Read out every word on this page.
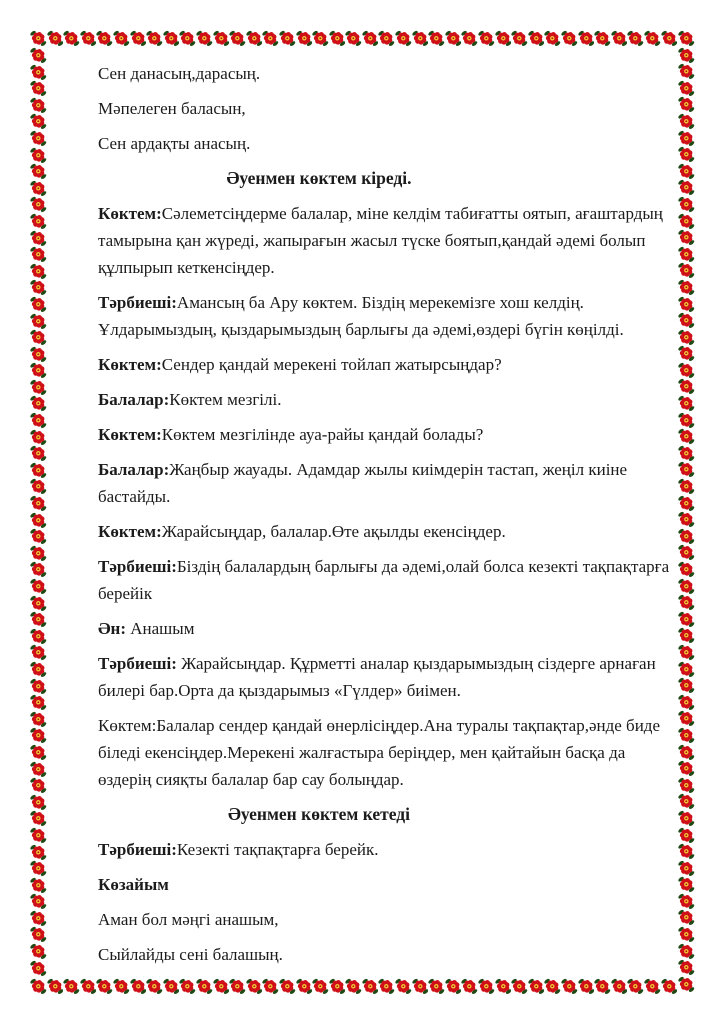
Сен данасың,дарасың.

Мәпелеген баласын,

Сен ардақты анасың.

Әуенмен көктем кіреді.

Көктем:Сәлеметсіңдерме балалар, міне келдім табиғатты оятып, ағаштардың тамырына қан жүреді, жапырағын жасыл түске боятып,қандай әдемі болып құлпырып кеткенсіңдер.

Тәрбиеші:Амансың ба Ару көктем. Біздің мерекемізге хош келдің. Ұлдарымыздың, қыздарымыздың барлығы да әдемі,өздері бүгін көңілді.

Көктем:Сендер қандай мерекені тойлап жатырсыңдар?

Балалар:Көктем мезгілі.

Көктем:Көктем мезгілінде ауа-райы қандай болады?

Балалар:Жаңбыр жауады. Адамдар жылы киімдерін тастап, жеңіл киіне бастайды.

Көктем:Жарайсыңдар, балалар.Өте ақылды екенсіңдер.

Тәрбиеші:Біздің балалардың барлығы да әдемі,олай болса кезекті тақпақтарға берейік

Ән: Анашым

Тәрбиеші: Жарайсыңдар. Құрметті аналар қыздарымыздың сіздерге арнаған билері бар.Орта да қыздарымыз «Гүлдер» биімен.

Көктем:Балалар сендер қандай өнерлісіңдер.Ана туралы тақпақтар,әнде биде біледі екенсіңдер.Мерекені жалғастыра беріңдер, мен қайтайын басқа да өздерің сияқты балалар бар сау болыңдар.

Әуенмен көктем кетеді

Тәрбиеші:Кезекті тақпақтарға берейк.

Көзайым

Аман бол мәңгі анашым,

Сыйлайды сені балашың.
